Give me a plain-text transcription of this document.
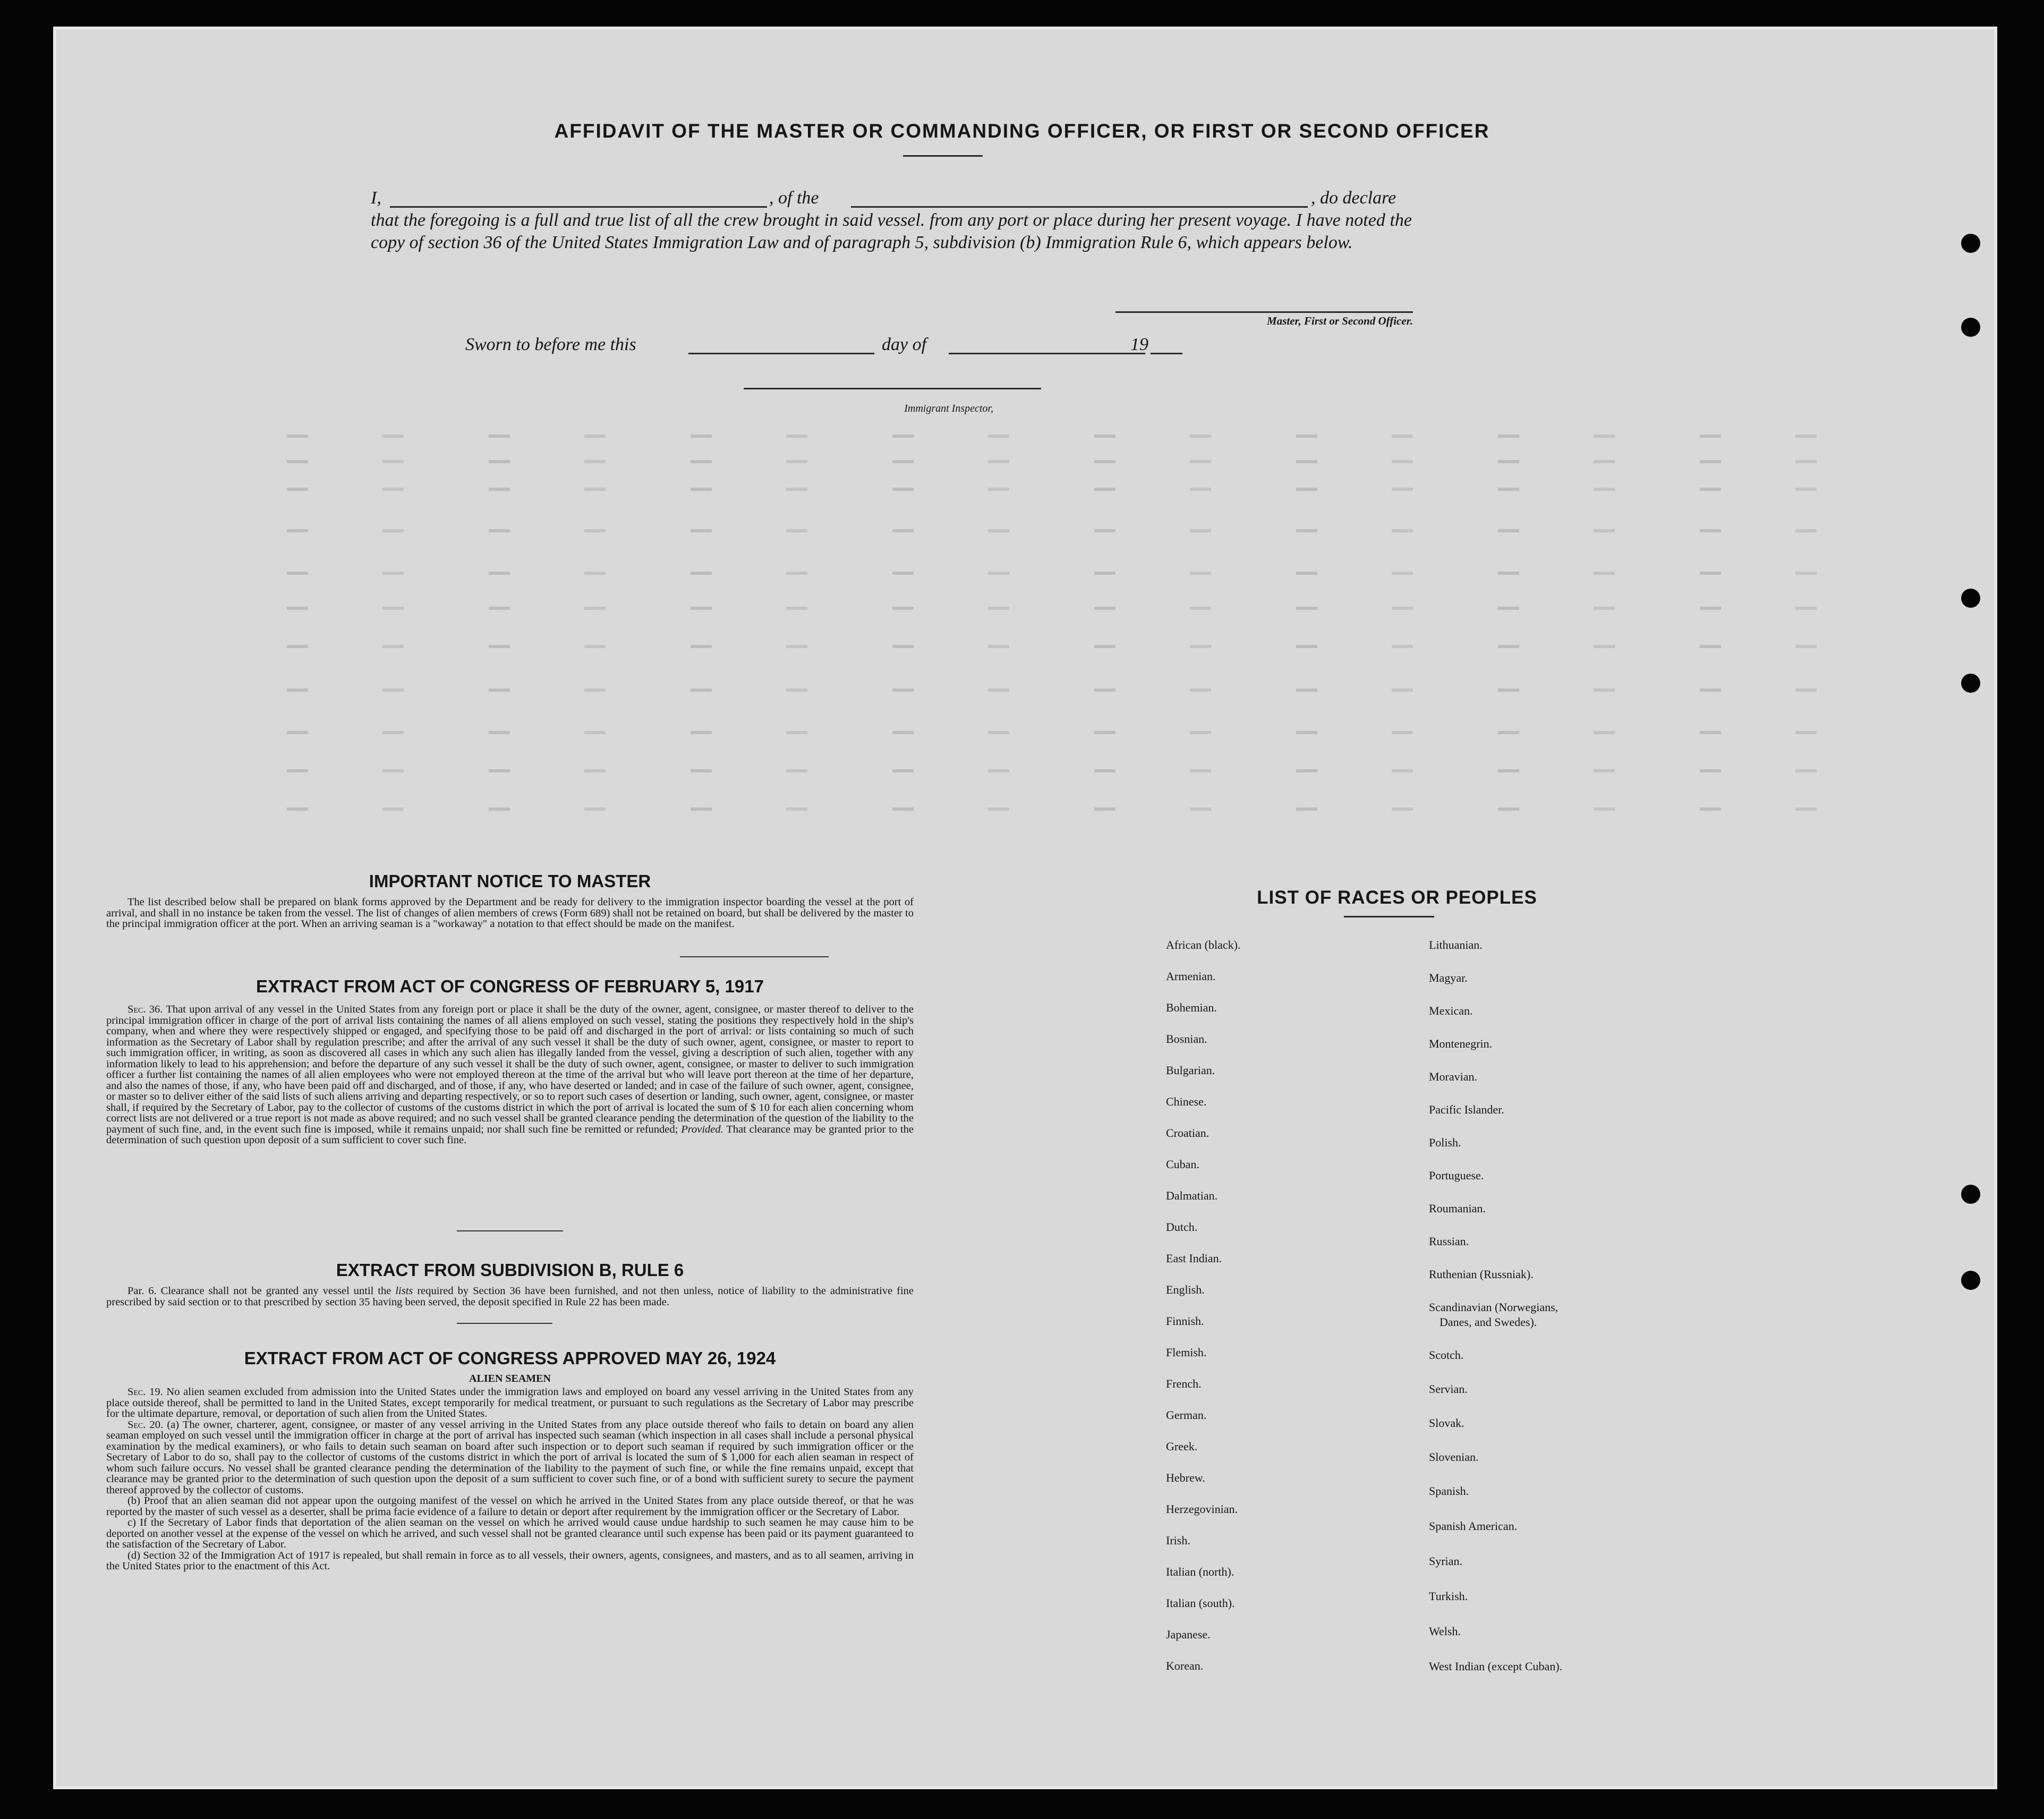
AFFIDAVIT OF THE MASTER OR COMMANDING OFFICER, OR FIRST OR SECOND OFFICER
I,	, of the	, do declare
that the foregoing is a full and true list of all the crew brought in said vessel. from any port or place during her present voyage. I have noted the copy of section 36 of the United States Immigration Law and of paragraph 5, subdivision (b) Immigration Rule 6, which appears below.
Master, First or Second Officer.
Sworn to before me this	day of	19
Immigrant Inspector,
IMPORTANT NOTICE TO MASTER

The list described below shall be prepared on blank forms approved by the Department and be ready for delivery to the immigration inspector boarding the vessel at the port of arrival, and shall in no instance be taken from the vessel. The list of changes of alien members of crews (Form 689) shall not be retained on board, but shall be delivered by the master to the principal immigration officer at the port. When an arriving seaman is a "workaway" a notation to that effect should be made on the manifest.

EXTRACT FROM ACT OF CONGRESS OF FEBRUARY 5, 1917

Sec. 36. That upon arrival of any vessel in the United States from any foreign port or place it shall be the duty of the owner, agent, consignee, or master thereof to deliver to the principal immigration officer in charge of the port of arrival lists containing the names of all aliens employed on such vessel, stating the positions they respectively hold in the ship's company, when and where they were respectively shipped or engaged, and specifying those to be paid off and discharged in the port of arrival: or lists containing so much of such information as the Secretary of Labor shall by regulation prescribe; and after the arrival of any such vessel it shall be the duty of such owner, agent, consignee, or master to report to such immigration officer, in writing, as soon as discovered all cases in which any such alien has illegally landed from the vessel, giving a description of such alien, together with any information likely to lead to his apprehension; and before the departure of any such vessel it shall be the duty of such owner, agent, consignee, or master to deliver to such immigration officer a further list containing the names of all alien employees who were not employed thereon at the time of the arrival but who will leave port thereon at the time of her departure, and also the names of those, if any, who have been paid off and discharged, and of those, if any, who have deserted or landed; and in case of the failure of such owner, agent, consignee, or master so to deliver either of the said lists of such aliens arriving and departing respectively, or so to report such cases of desertion or landing, such owner, agent, consignee, or master shall, if required by the Secretary of Labor, pay to the collector of customs of the customs district in which the port of arrival is located the sum of $ 10 for each alien concerning whom correct lists are not delivered or a true report is not made as above required; and no such vessel shall be granted clearance pending the determination of the question of the liability to the payment of such fine, and, in the event such fine is imposed, while it remains unpaid; nor shall such fine be remitted or refunded; Provided. That clearance may be granted prior to the determination of such question upon deposit of a sum sufficient to cover such fine.

EXTRACT FROM SUBDIVISION B, RULE 6

Par. 6. Clearance shall not be granted any vessel until the lists required by Section 36 have been furnished, and not then unless, notice of liability to the administrative fine prescribed by said section or to that prescribed by section 35 having been served, the deposit specified in Rule 22 has been made.

EXTRACT FROM ACT OF CONGRESS APPROVED MAY 26, 1924
ALIEN SEAMEN

Sec. 19. No alien seamen excluded from admission into the United States under the immigration laws and employed on board any vessel arriving in the United States from any place outside thereof, shall be permitted to land in the United States, except temporarily for medical treatment, or pursuant to such regulations as the Secretary of Labor may prescribe for the ultimate departure, removal, or deportation of such alien from the United States.

Sec. 20. (a) The owner, charterer, agent, consignee, or master of any vessel arriving in the United States from any place outside thereof who fails to detain on board any alien seaman employed on such vessel until the immigration officer in charge at the port of arrival has inspected such seaman (which inspection in all cases shall include a personal physical examination by the medical examiners), or who fails to detain such seaman on board after such inspection or to deport such seaman if required by such immigration officer or the Secretary of Labor to do so, shall pay to the collector of customs of the customs district in which the port of arrival is located the sum of $ 1,000 for each alien seaman in respect of whom such failure occurs. No vessel shall be granted clearance pending the determination of the liability to the payment of such fine, or while the fine remains unpaid, except that clearance may be granted prior to the determination of such question upon the deposit of a sum sufficient to cover such fine, or of a bond with sufficient surety to secure the payment thereof approved by the collector of customs.

(b) Proof that an alien seaman did not appear upon the outgoing manifest of the vessel on which he arrived in the United States from any place outside thereof, or that he was reported by the master of such vessel as a deserter, shall be prima facie evidence of a failure to detain or deport after requirement by the immigration officer or the Secretary of Labor.

c) If the Secretary of Labor finds that deportation of the alien seaman on the vessel on which he arrived would cause undue hardship to such seamen he may cause him to be deported on another vessel at the expense of the vessel on which he arrived, and such vessel shall not be granted clearance until such expense has been paid or its payment guaranteed to the satisfaction of the Secretary of Labor.

(d) Section 32 of the Immigration Act of 1917 is repealed, but shall remain in force as to all vessels, their owners, agents, consignees, and masters, and as to all seamen, arriving in the United States prior to the enactment of this Act.

LIST OF RACES OR PEOPLES
African (black).
Armenian.
Bohemian.
Bosnian.
Bulgarian.
Chinese.
Croatian.
Cuban.
Dalmatian.
Dutch.
East Indian.
English.
Finnish.
Flemish.
French.
German.
Greek.
Hebrew.
Herzegovinian.
Irish.
Italian (north).
Italian (south).
Japanese.
Korean.
Lithuanian.
Magyar.
Mexican.
Montenegrin.
Moravian.
Pacific Islander.
Polish.
Portuguese.
Roumanian.
Russian.
Ruthenian (Russniak).
Scandinavian (Norwegians,
Danes, and Swedes).
Scotch.
Servian.
Slovak.
Slovenian.
Spanish.
Spanish American.
Syrian.
Turkish.
Welsh.
West Indian (except Cuban).
